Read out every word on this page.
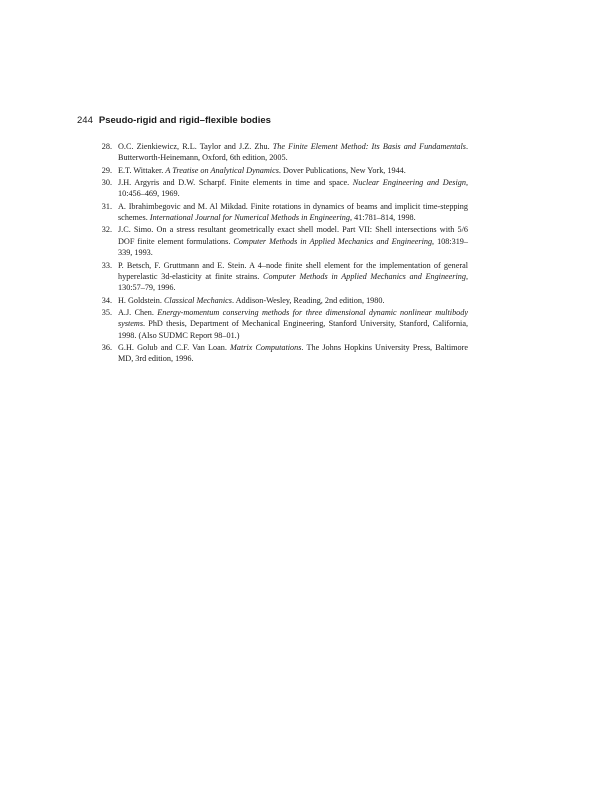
244 Pseudo-rigid and rigid–flexible bodies
28. O.C. Zienkiewicz, R.L. Taylor and J.Z. Zhu. The Finite Element Method: Its Basis and Fundamentals. Butterworth-Heinemann, Oxford, 6th edition, 2005.
29. E.T. Wittaker. A Treatise on Analytical Dynamics. Dover Publications, New York, 1944.
30. J.H. Argyris and D.W. Scharpf. Finite elements in time and space. Nuclear Engineering and Design, 10:456–469, 1969.
31. A. Ibrahimbegovic and M. Al Mikdad. Finite rotations in dynamics of beams and implicit time-stepping schemes. International Journal for Numerical Methods in Engineering, 41:781–814, 1998.
32. J.C. Simo. On a stress resultant geometrically exact shell model. Part VII: Shell intersections with 5/6 DOF finite element formulations. Computer Methods in Applied Mechanics and Engineering, 108:319–339, 1993.
33. P. Betsch, F. Gruttmann and E. Stein. A 4–node finite shell element for the implementation of general hyperelastic 3d-elasticity at finite strains. Computer Methods in Applied Mechanics and Engineering, 130:57–79, 1996.
34. H. Goldstein. Classical Mechanics. Addison-Wesley, Reading, 2nd edition, 1980.
35. A.J. Chen. Energy-momentum conserving methods for three dimensional dynamic nonlinear multibody systems. PhD thesis, Department of Mechanical Engineering, Stanford University, Stanford, California, 1998. (Also SUDMC Report 98–01.)
36. G.H. Golub and C.F. Van Loan. Matrix Computations. The Johns Hopkins University Press, Baltimore MD, 3rd edition, 1996.
